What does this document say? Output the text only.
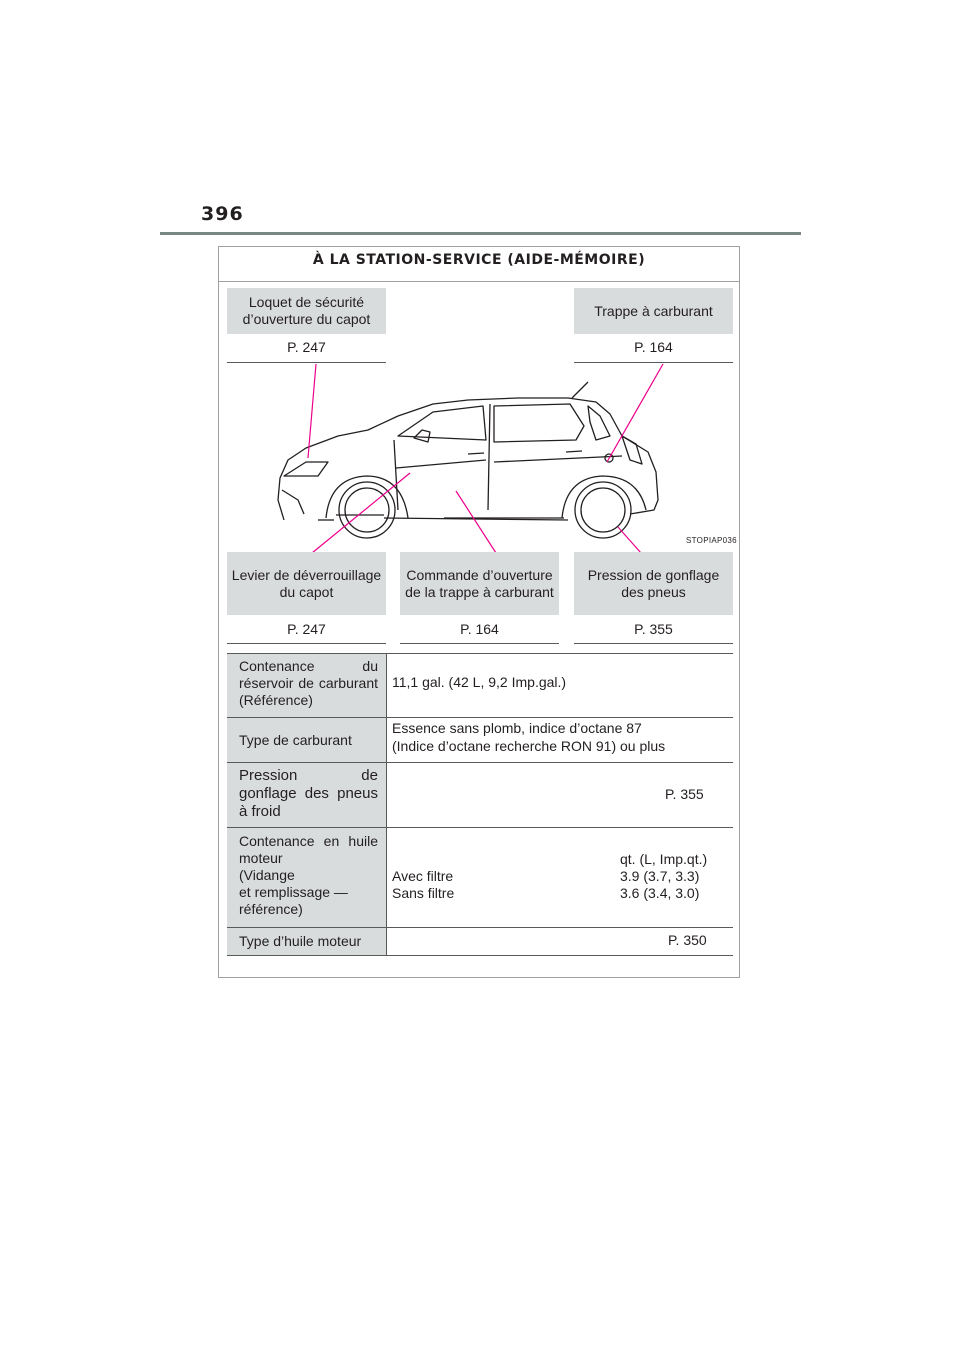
396
À LA STATION-SERVICE (AIDE-MÉMOIRE)
Loquet de sécurité d’ouverture du capot
P. 247
Trappe à carburant
P. 164
STOPIAP036
Levier de déverrouillage du capot
P. 247
Commande d’ouverture de la trappe à carburant
P. 164
Pression de gonflage des pneus
P. 355
Contenance du réservoir de carburant (Référence)
11,1 gal. (42 L, 9,2 Imp.gal.)
Type de carburant
Essence sans plomb, indice d’octane 87
(Indice d’octane recherche RON 91) ou plus
Pression de gonflage des pneus à froid
P. 355
Contenance en huile moteur
(Vidange
et remplissage —
référence)
qt. (L, Imp.qt.)
Avec filtre	3.9 (3.7, 3.3)
Sans filtre	3.6 (3.4, 3.0)
Type d’huile moteur	P. 350
